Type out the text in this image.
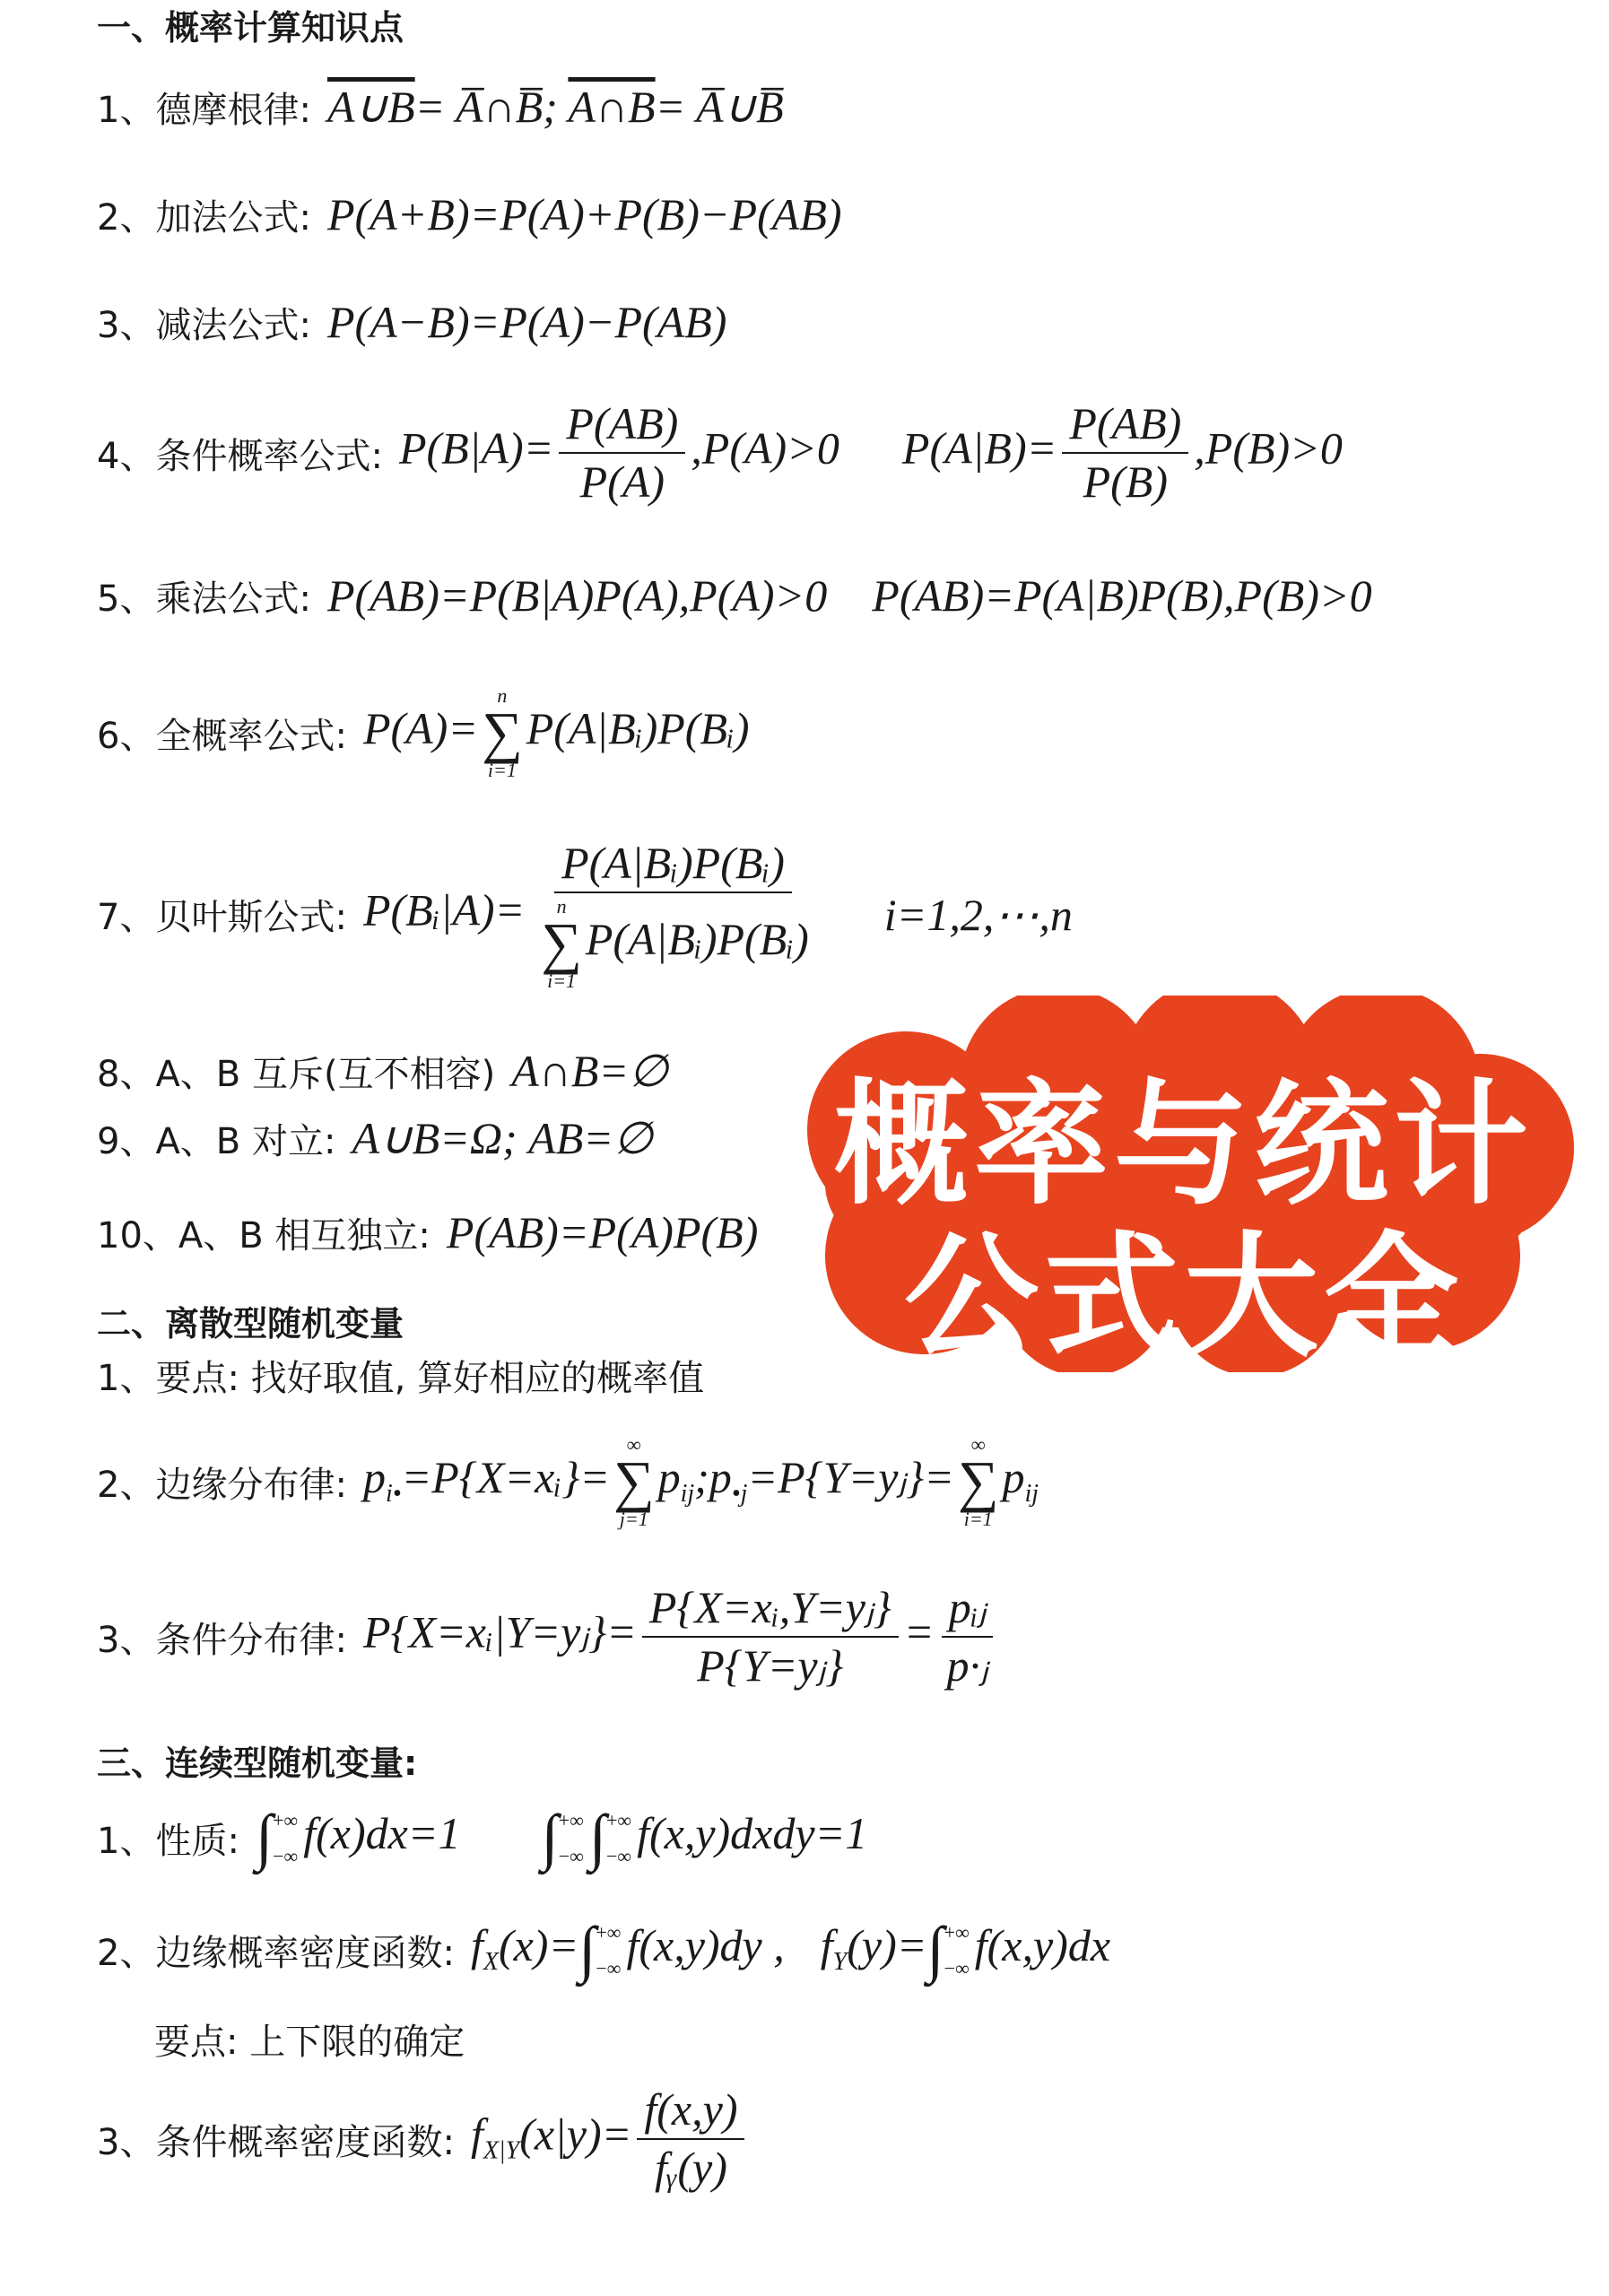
一、概率计算知识点
1、德摩根律: A∪B= A̅∩B̅; A∩B= A̅∪B̅
2、加法公式: P(A+B)=P(A)+P(B)−P(AB)
3、减法公式: P(A−B)=P(A)−P(AB)
4、条件概率公式: $P(B|A)= \frac{P(AB)}{P(A)} ,P(A)>0$ $P(A|B)= \frac{P(AB)}{P(B)} ,P(B)>0$
5、乘法公式: P(AB)=P(B|A)P(A),P(A)>0 P(AB)=P(A|B)P(B),P(B)>0
6、全概率公式: P(A)=
n
∑
i=1
P(A|Bᵢ)P(Bᵢ)
7、贝叶斯公式: P(Bᵢ|A)= P(A|Bᵢ)P(Bᵢ)
n
∑
i=1
P(A|Bᵢ)P(Bᵢ) i=1,2,⋯,n
8、A、B 互斥(互不相容) A∩B=∅
9、A、B 对立: A∪B=Ω; AB=∅
10、A、B 相互独立: P(AB)=P(A)P(B)
二、离散型随机变量
1、要点: 找好取值, 算好相应的概率值
2、边缘分布律: $p_{i•}=P\{X=xᵢ\}=$
∞
∑
j=1
$p_{ij};p_{•j}=P\{Y=yⱼ\}=$
∞
∑
i=1
$p_{ij}$
3、条件分布律: P{X=xᵢ|Y=yⱼ}= $\frac{\text{P\{X=xᵢ,Y=yⱼ\}}}{\text{P\{Y=yⱼ\}}} = \frac{\text{pᵢⱼ}}{\text{p·ⱼ}}$
三、连续型随机变量:
1、性质: ∫ +∞
−∞ f(x)dx=1 ∫ +∞
−∞ ∫ +∞
−∞ f(x,y)dxdy=1
2、边缘概率密度函数: $f_X(x)=\int$ +∞
−∞ f(x,y)dy , $f_Y(y)=\int$ +∞
−∞ f(x,y)dx
要点: 上下限的确定
3、条件概率密度函数: $f_{X|Y}(x|y)= \frac{f(x,y)}{\text{fᵧ(y)}}$
概率与统计
公式大全
